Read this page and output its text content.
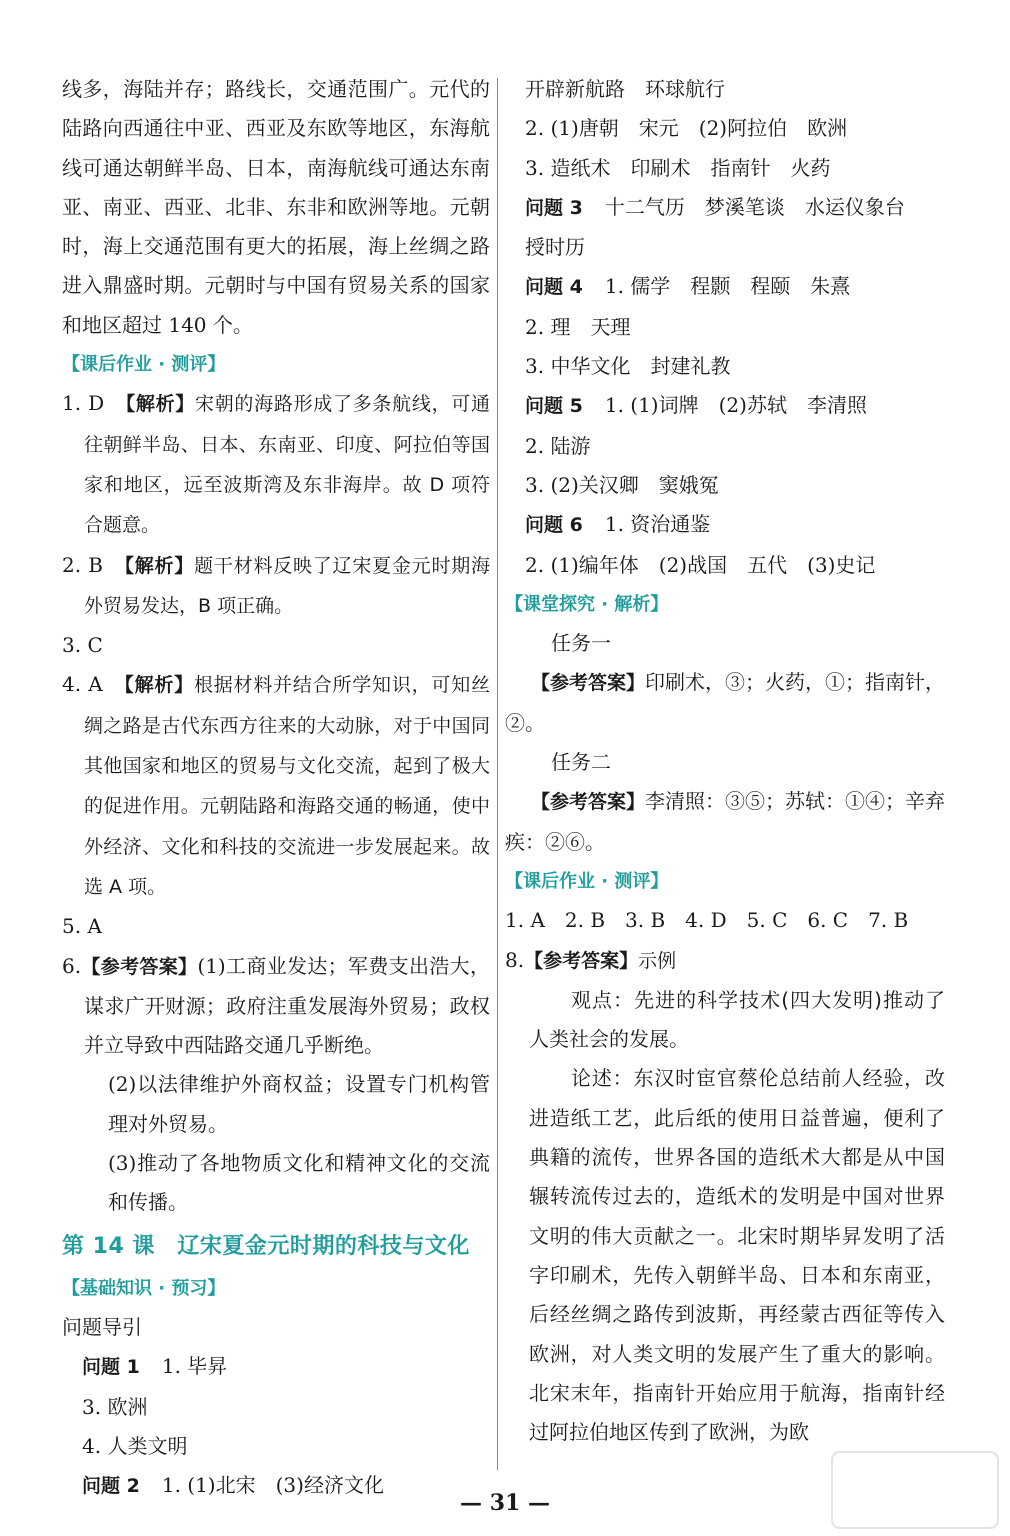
线多，海陆并存；路线长，交通范围广。元代的陆路向西通往中亚、西亚及东欧等地区，东海航线可通达朝鲜半岛、日本，南海航线可通达东南亚、南亚、西亚、北非、东非和欧洲等地。元朝时，海上交通范围有更大的拓展，海上丝绸之路进入鼎盛时期。元朝时与中国有贸易关系的国家和地区超过 140 个。

【课后作业 · 测评】

1. D　 【解析】宋朝的海路形成了多条航线，可通往朝鲜半岛、日本、东南亚、印度、阿拉伯等国家和地区，远至波斯湾及东非海岸。故 D 项符合题意。

2. B　 【解析】题干材料反映了辽宋夏金元时期海外贸易发达，B 项正确。

3. C

4. A　 【解析】根据材料并结合所学知识，可知丝绸之路是古代东西方往来的大动脉，对于中国同其他国家和地区的贸易与文化交流，起到了极大的促进作用。元朝陆路和海路交通的畅通，使中外经济、文化和科技的交流进一步发展起来。故选 A 项。

5. A

6.【参考答案】(1)工商业发达；军费支出浩大，谋求广开财源；政府注重发展海外贸易；政权并立导致中西陆路交通几乎断绝。

(2)以法律维护外商权益；设置专门机构管理对外贸易。

(3)推动了各地物质文化和精神文化的交流和传播。

第 14 课　辽宋夏金元时期的科技与文化

【基础知识 · 预习】

问题导引

问题 1 1. 毕昇

3. 欧洲

4. 人类文明

问题 2 1. (1)北宋　(3)经济文化

开辟新航路　环球航行

2. (1)唐朝　宋元　(2)阿拉伯　欧洲

3. 造纸术　印刷术　指南针　火药

问题 3 十二气历　梦溪笔谈　水运仪象台

授时历

问题 4 1. 儒学　程颢　程颐　朱熹

2. 理　天理

3. 中华文化　封建礼教

问题 5 1. (1)词牌　(2)苏轼　李清照

2. 陆游

3. (2)关汉卿　窦娥冤

问题 6 1. 资治通鉴

2. (1)编年体　(2)战国　五代　(3)史记

【课堂探究 · 解析】

任务一

【参考答案】印刷术，③；火药，①；指南针，②。

任务二

【参考答案】李清照：③⑤；苏轼：①④；辛弃疾：②⑥。

【课后作业 · 测评】

1. A　2. B　3. B　4. D　5. C　6. C　7. B

8.【参考答案】示例

观点：先进的科学技术(四大发明)推动了人类社会的发展。

论述：东汉时宦官蔡伦总结前人经验，改进造纸工艺，此后纸的使用日益普遍，便利了典籍的流传，世界各国的造纸术大都是从中国辗转流传过去的，造纸术的发明是中国对世界文明的伟大贡献之一。北宋时期毕昇发明了活字印刷术，先传入朝鲜半岛、日本和东南亚，后经丝绸之路传到波斯，再经蒙古西征等传入欧洲，对人类文明的发展产生了重大的影响。北宋末年，指南针开始应用于航海，指南针经过阿拉伯地区传到了欧洲，为欧

— 31 —
